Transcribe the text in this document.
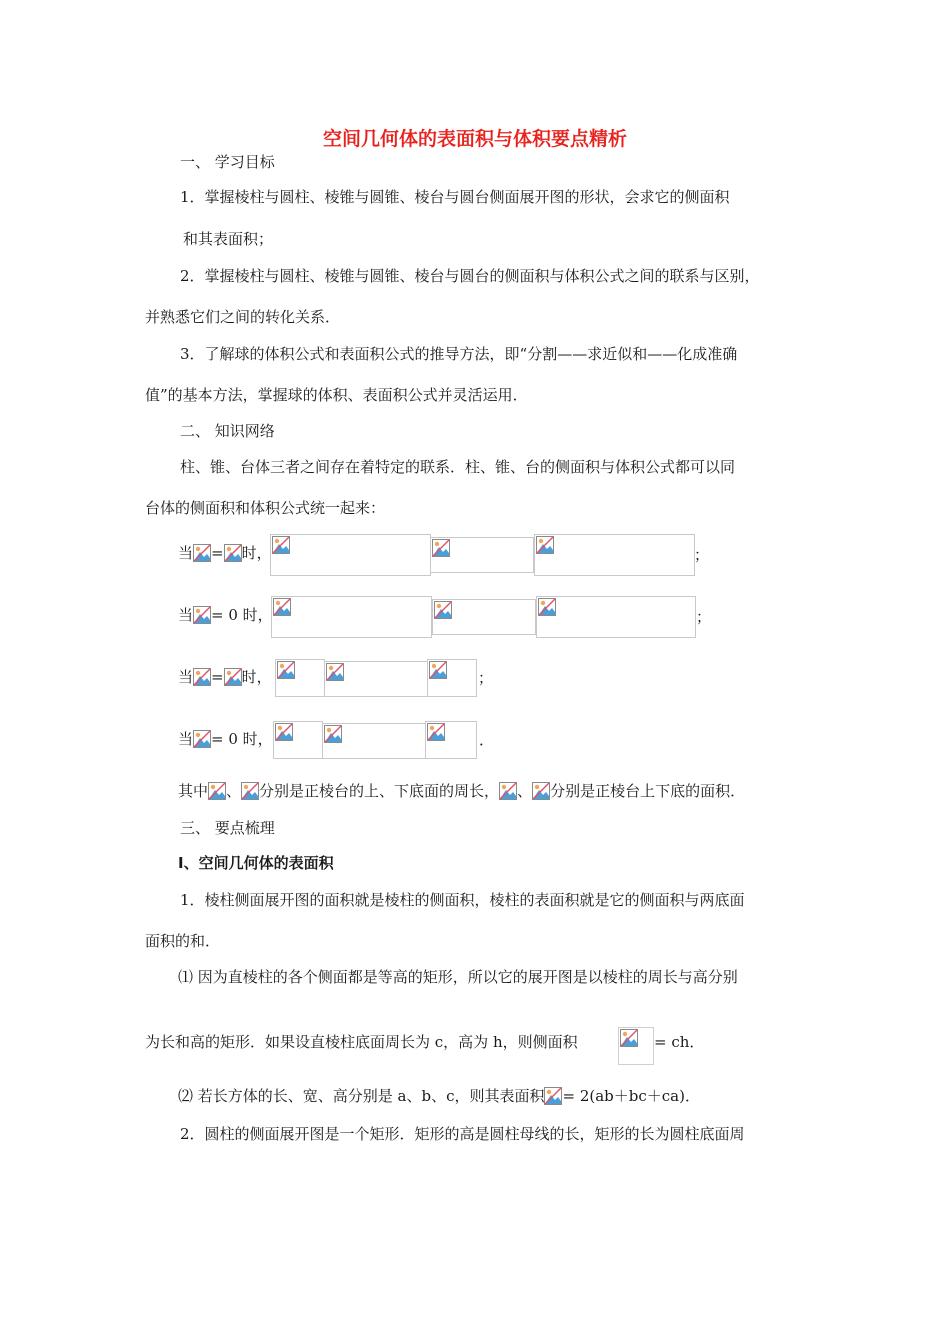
空间几何体的表面积与体积要点精析
一、 学习目标
1．掌握棱柱与圆柱、棱锥与圆锥、棱台与圆台侧面展开图的形状，会求它的侧面积
和其表面积；
2．掌握棱柱与圆柱、棱锥与圆锥、棱台与圆台的侧面积与体积公式之间的联系与区别，
并熟悉它们之间的转化关系．
3．了解球的体积公式和表面积公式的推导方法，即“分割——求近似和——化成准确
值”的基本方法，掌握球的体积、表面积公式并灵活运用．
二、 知识网络
柱、锥、台体三者之间存在着特定的联系．柱、锥、台的侧面积与体积公式都可以同
台体的侧面积和体积公式统一起来：
当 = 时，	；
当 = 0 时，	；
当 = 时，	；
当 = 0 时，	．
其中 、 分别是正棱台的上、下底面的周长， 、 分别是正棱台上下底的面积．
三、 要点梳理
I、空间几何体的表面积
1．棱柱侧面展开图的面积就是棱柱的侧面积，棱柱的表面积就是它的侧面积与两底面
面积的和．
⑴ 因为直棱柱的各个侧面都是等高的矩形，所以它的展开图是以棱柱的周长与高分别
为长和高的矩形．如果设直棱柱底面周长为 c，高为 h，则侧面积	= ch．
⑵ 若长方体的长、宽、高分别是 a、b、c，则其表面积 = 2(ab＋bc＋ca)．
2．圆柱的侧面展开图是一个矩形．矩形的高是圆柱母线的长，矩形的长为圆柱底面周
